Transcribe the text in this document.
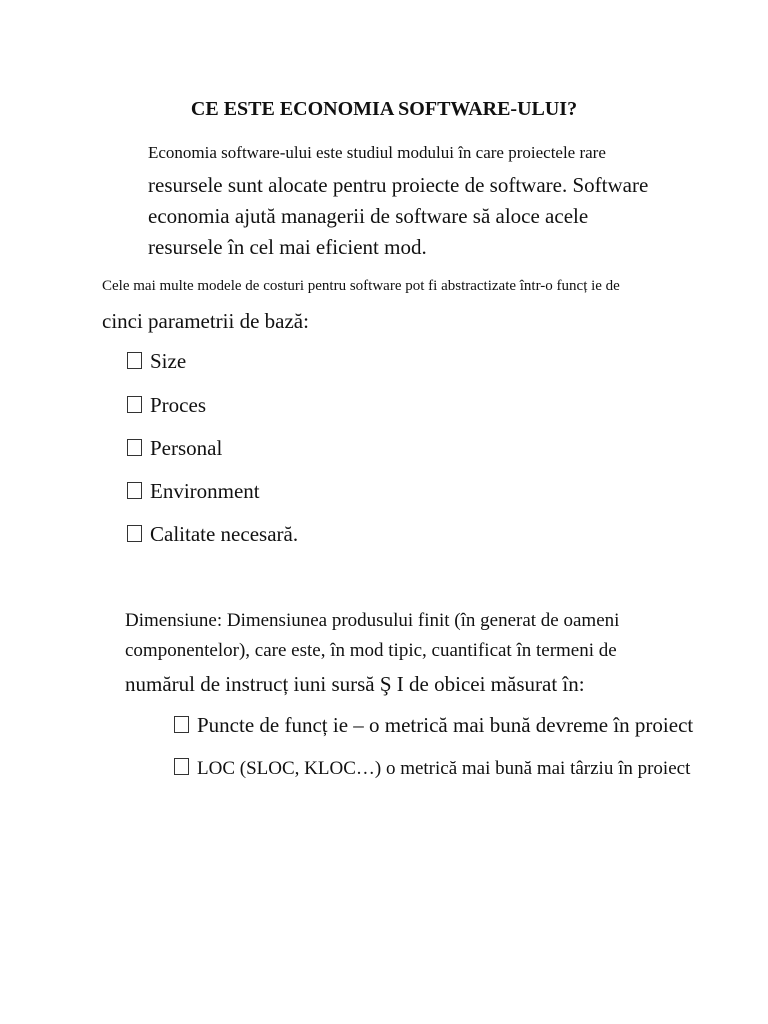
CE ESTE ECONOMIA SOFTWARE-ULUI?

Economia software-ului este studiul modului în care proiectele rare

resursele sunt alocate pentru proiecte de software. Software

economia ajută managerii de software să aloce acele

resursele în cel mai eficient mod.

Cele mai multe modele de costuri pentru software pot fi abstractizate într-o funcț ie de

cinci parametrii de bază:

Size
Proces
Personal
Environment
Calitate necesară.

Dimensiune: Dimensiunea produsului finit (în generat de oameni

componentelor), care este, în mod tipic, cuantificat în termeni de

numărul de instrucț iuni sursă Ş I de obicei măsurat în:

Puncte de funcț ie – o metrică mai bună devreme în proiect
LOC (SLOC, KLOC…) o metrică mai bună mai târziu în proiect
